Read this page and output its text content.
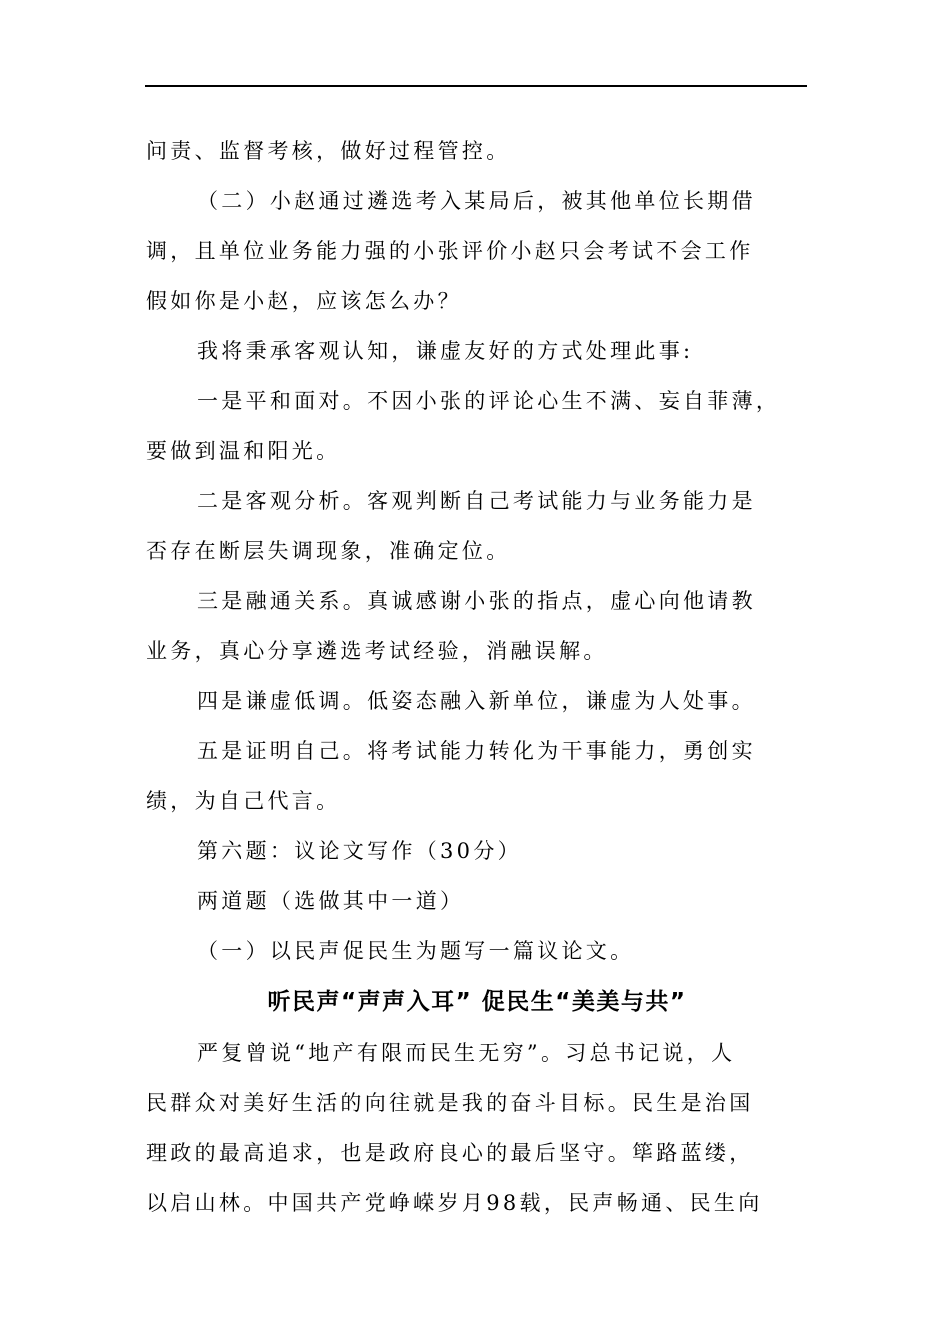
问责、监督考核，做好过程管控。

（二）小赵通过遴选考入某局后，被其他单位长期借
调，且单位业务能力强的小张评价小赵只会考试不会工作
假如你是小赵，应该怎么办？

我将秉承客观认知，谦虚友好的方式处理此事:

一是平和面对。不因小张的评论心生不满、妄自菲薄，
要做到温和阳光。

二是客观分析。客观判断自己考试能力与业务能力是
否存在断层失调现象，准确定位。

三是融通关系。真诚感谢小张的指点，虚心向他请教
业务，真心分享遴选考试经验，消融误解。

四是谦虚低调。低姿态融入新单位，谦虚为人处事。

五是证明自己。将考试能力转化为干事能力，勇创实
绩，为自己代言。

第六题：议论文写作（30分）

两道题（选做其中一道）

（一）以民声促民生为题写一篇议论文。

听民声“声声入耳” 促民生“美美与共”

严复曾说“地产有限而民生无穷”。习总书记说，人
民群众对美好生活的向往就是我的奋斗目标。民生是治国
理政的最高追求，也是政府良心的最后坚守。筚路蓝缕，
以启山林。中国共产党峥嵘岁月98载，民声畅通、民生向
